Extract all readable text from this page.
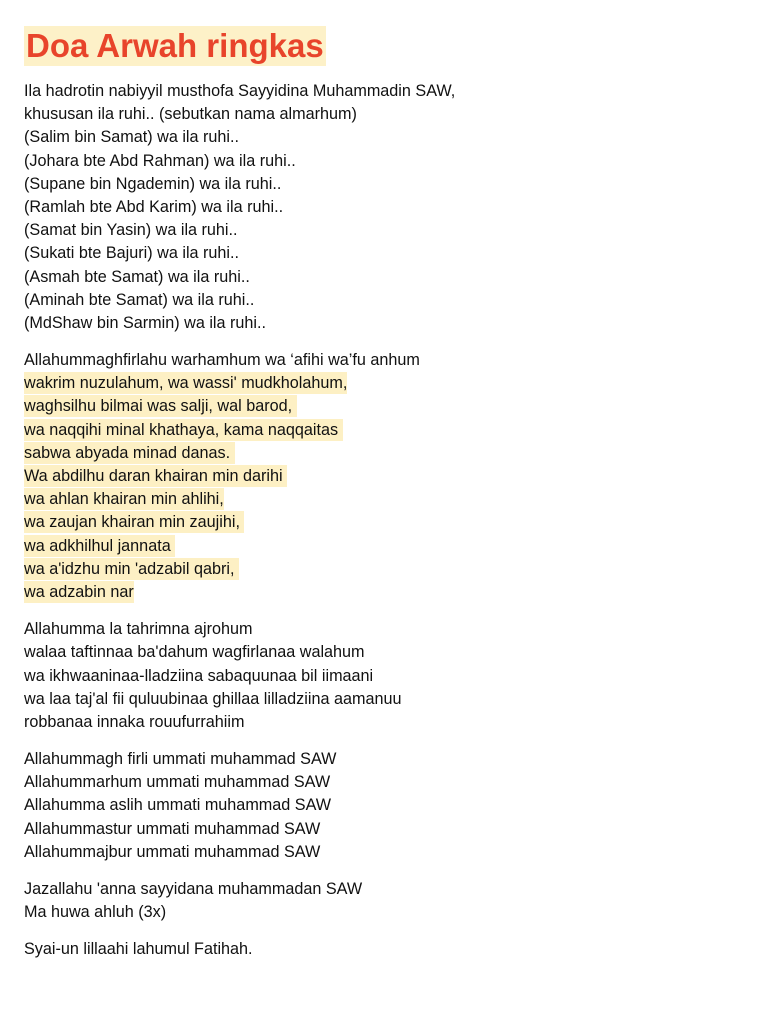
Doa Arwah ringkas
Ila hadrotin nabiyyil musthofa Sayyidina Muhammadin SAW,
khususan ila ruhi.. (sebutkan nama almarhum)
(Salim bin Samat) wa ila ruhi..
(Johara bte Abd Rahman) wa ila ruhi..
(Supane bin Ngademin) wa ila ruhi..
(Ramlah bte Abd Karim) wa ila ruhi..
(Samat bin Yasin) wa ila ruhi..
(Sukati bte Bajuri) wa ila ruhi..
(Asmah bte Samat) wa ila ruhi..
(Aminah bte Samat) wa ila ruhi..
(MdShaw bin Sarmin) wa ila ruhi..
Allahummaghfirlahu warhamhum wa ‘afihi wa’fu anhum
wakrim nuzulahum, wa wassi' mudkholahum,
waghsilhu bilmai was salji, wal barod,
wa naqqihi minal khathaya, kama naqqaitas
sabwa abyada minad danas.
Wa abdilhu daran khairan min darihi
wa ahlan khairan min ahlihi,
wa zaujan khairan min zaujihi,
wa adkhilhul jannata
wa a'idzhu min 'adzabil qabri,
wa adzabin nar
Allahumma la tahrimna ajrohum
walaa taftinnaa ba'dahum wagfirlanaa walahum
wa ikhwaaninaa-lladziina sabaquunaa bil iimaani
wa laa taj'al fii quluubinaa ghillaa lilladziina aamanuu
robbanaa innaka rouufurrahiim
Allahummagh firli ummati muhammad SAW
Allahummarhum ummati muhammad SAW
Allahumma aslih ummati muhammad SAW
Allahummastur ummati muhammad SAW
Allahummajbur ummati muhammad SAW
Jazallahu 'anna sayyidana muhammadan SAW
Ma huwa ahluh (3x)
Syai-un lillaahi lahumul Fatihah.
